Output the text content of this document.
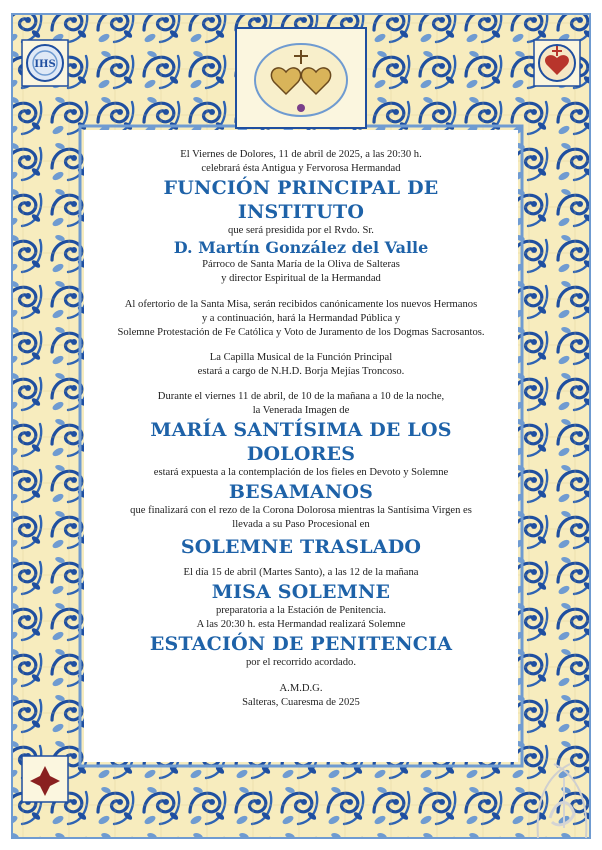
IHS

El Viernes de Dolores, 11 de abril de 2025, a las 20:30 h.

celebrará ésta Antigua y Fervorosa Hermandad

FUNCIÓN PRINCIPAL DE INSTITUTO

que será presidida por el Rvdo. Sr.

D. Martín González del Valle

Párroco de Santa María de la Oliva de Salteras

y director Espiritual de la Hermandad

Al ofertorio de la Santa Misa, serán recibidos canónicamente los nuevos Hermanos

y a continuación, hará la Hermandad Pública y

Solemne Protestación de Fe Católica y Voto de Juramento de los Dogmas Sacrosantos.

La Capilla Musical de la Función Principal

estará a cargo de N.H.D. Borja Mejías Troncoso.

Durante el viernes 11 de abril, de 10 de la mañana a 10 de la noche,

la Venerada Imagen de

MARÍA SANTÍSIMA DE LOS DOLORES

estará expuesta a la contemplación de los fieles en Devoto y Solemne

BESAMANOS

que finalizará con el rezo de la Corona Dolorosa mientras la Santísima Virgen es

llevada a su Paso Procesional en

SOLEMNE TRASLADO

El día 15 de abril (Martes Santo), a las 12 de la mañana

MISA SOLEMNE

preparatoria a la Estación de Penitencia.

A las 20:30 h. esta Hermandad realizará Solemne

ESTACIÓN DE PENITENCIA

por el recorrido acordado.

A.M.D.G.

Salteras, Cuaresma de 2025
